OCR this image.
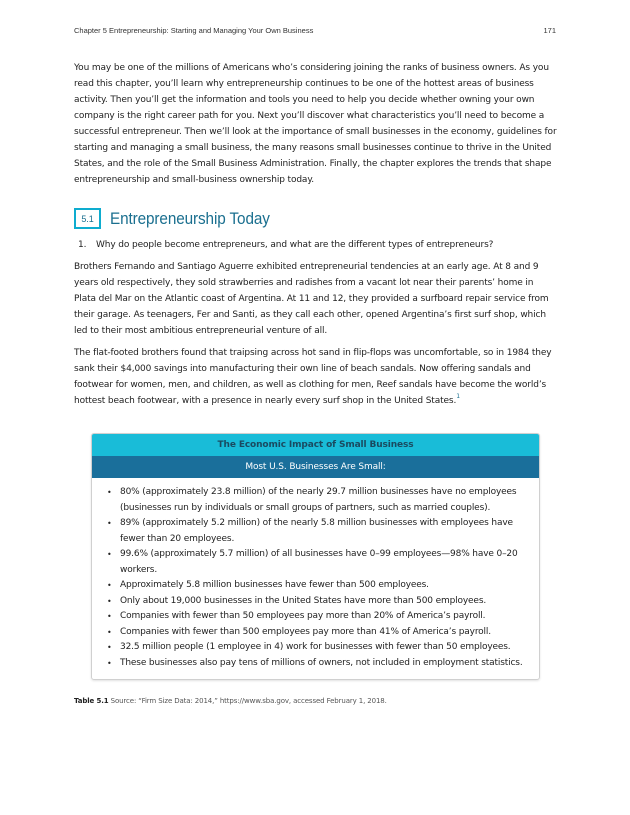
Chapter 5 Entrepreneurship: Starting and Managing Your Own Business	171

You may be one of the millions of Americans who’s considering joining the ranks of business owners. As you read this chapter, you’ll learn why entrepreneurship continues to be one of the hottest areas of business activity. Then you’ll get the information and tools you need to help you decide whether owning your own company is the right career path for you. Next you’ll discover what characteristics you’ll need to become a successful entrepreneur. Then we’ll look at the importance of small businesses in the economy, guidelines for starting and managing a small business, the many reasons small businesses continue to thrive in the United States, and the role of the Small Business Administration. Finally, the chapter explores the trends that shape entrepreneurship and small-business ownership today.

5.1 Entrepreneurship Today
1.	Why do people become entrepreneurs, and what are the different types of entrepreneurs?

Brothers Fernando and Santiago Aguerre exhibited entrepreneurial tendencies at an early age. At 8 and 9 years old respectively, they sold strawberries and radishes from a vacant lot near their parents’ home in Plata del Mar on the Atlantic coast of Argentina. At 11 and 12, they provided a surfboard repair service from their garage. As teenagers, Fer and Santi, as they call each other, opened Argentina’s first surf shop, which led to their most ambitious entrepreneurial venture of all.

The flat-footed brothers found that traipsing across hot sand in flip-flops was uncomfortable, so in 1984 they sank their $4,000 savings into manufacturing their own line of beach sandals. Now offering sandals and footwear for women, men, and children, as well as clothing for men, Reef sandals have become the world’s hottest beach footwear, with a presence in nearly every surf shop in the United States.$^1$

The Economic Impact of Small Business
Most U.S. Businesses Are Small:
• 80% (approximately 23.8 million) of the nearly 29.7 million businesses have no employees (businesses run by individuals or small groups of partners, such as married couples).
• 89% (approximately 5.2 million) of the nearly 5.8 million businesses with employees have fewer than 20 employees.
• 99.6% (approximately 5.7 million) of all businesses have 0–99 employees—98% have 0–20 workers.
• Approximately 5.8 million businesses have fewer than 500 employees.
• Only about 19,000 businesses in the United States have more than 500 employees.
• Companies with fewer than 50 employees pay more than 20% of America’s payroll.
• Companies with fewer than 500 employees pay more than 41% of America’s payroll.
• 32.5 million people (1 employee in 4) work for businesses with fewer than 50 employees.
• These businesses also pay tens of millions of owners, not included in employment statistics.
Table 5.1 Source: “Firm Size Data: 2014,” https://www.sba.gov, accessed February 1, 2018.
